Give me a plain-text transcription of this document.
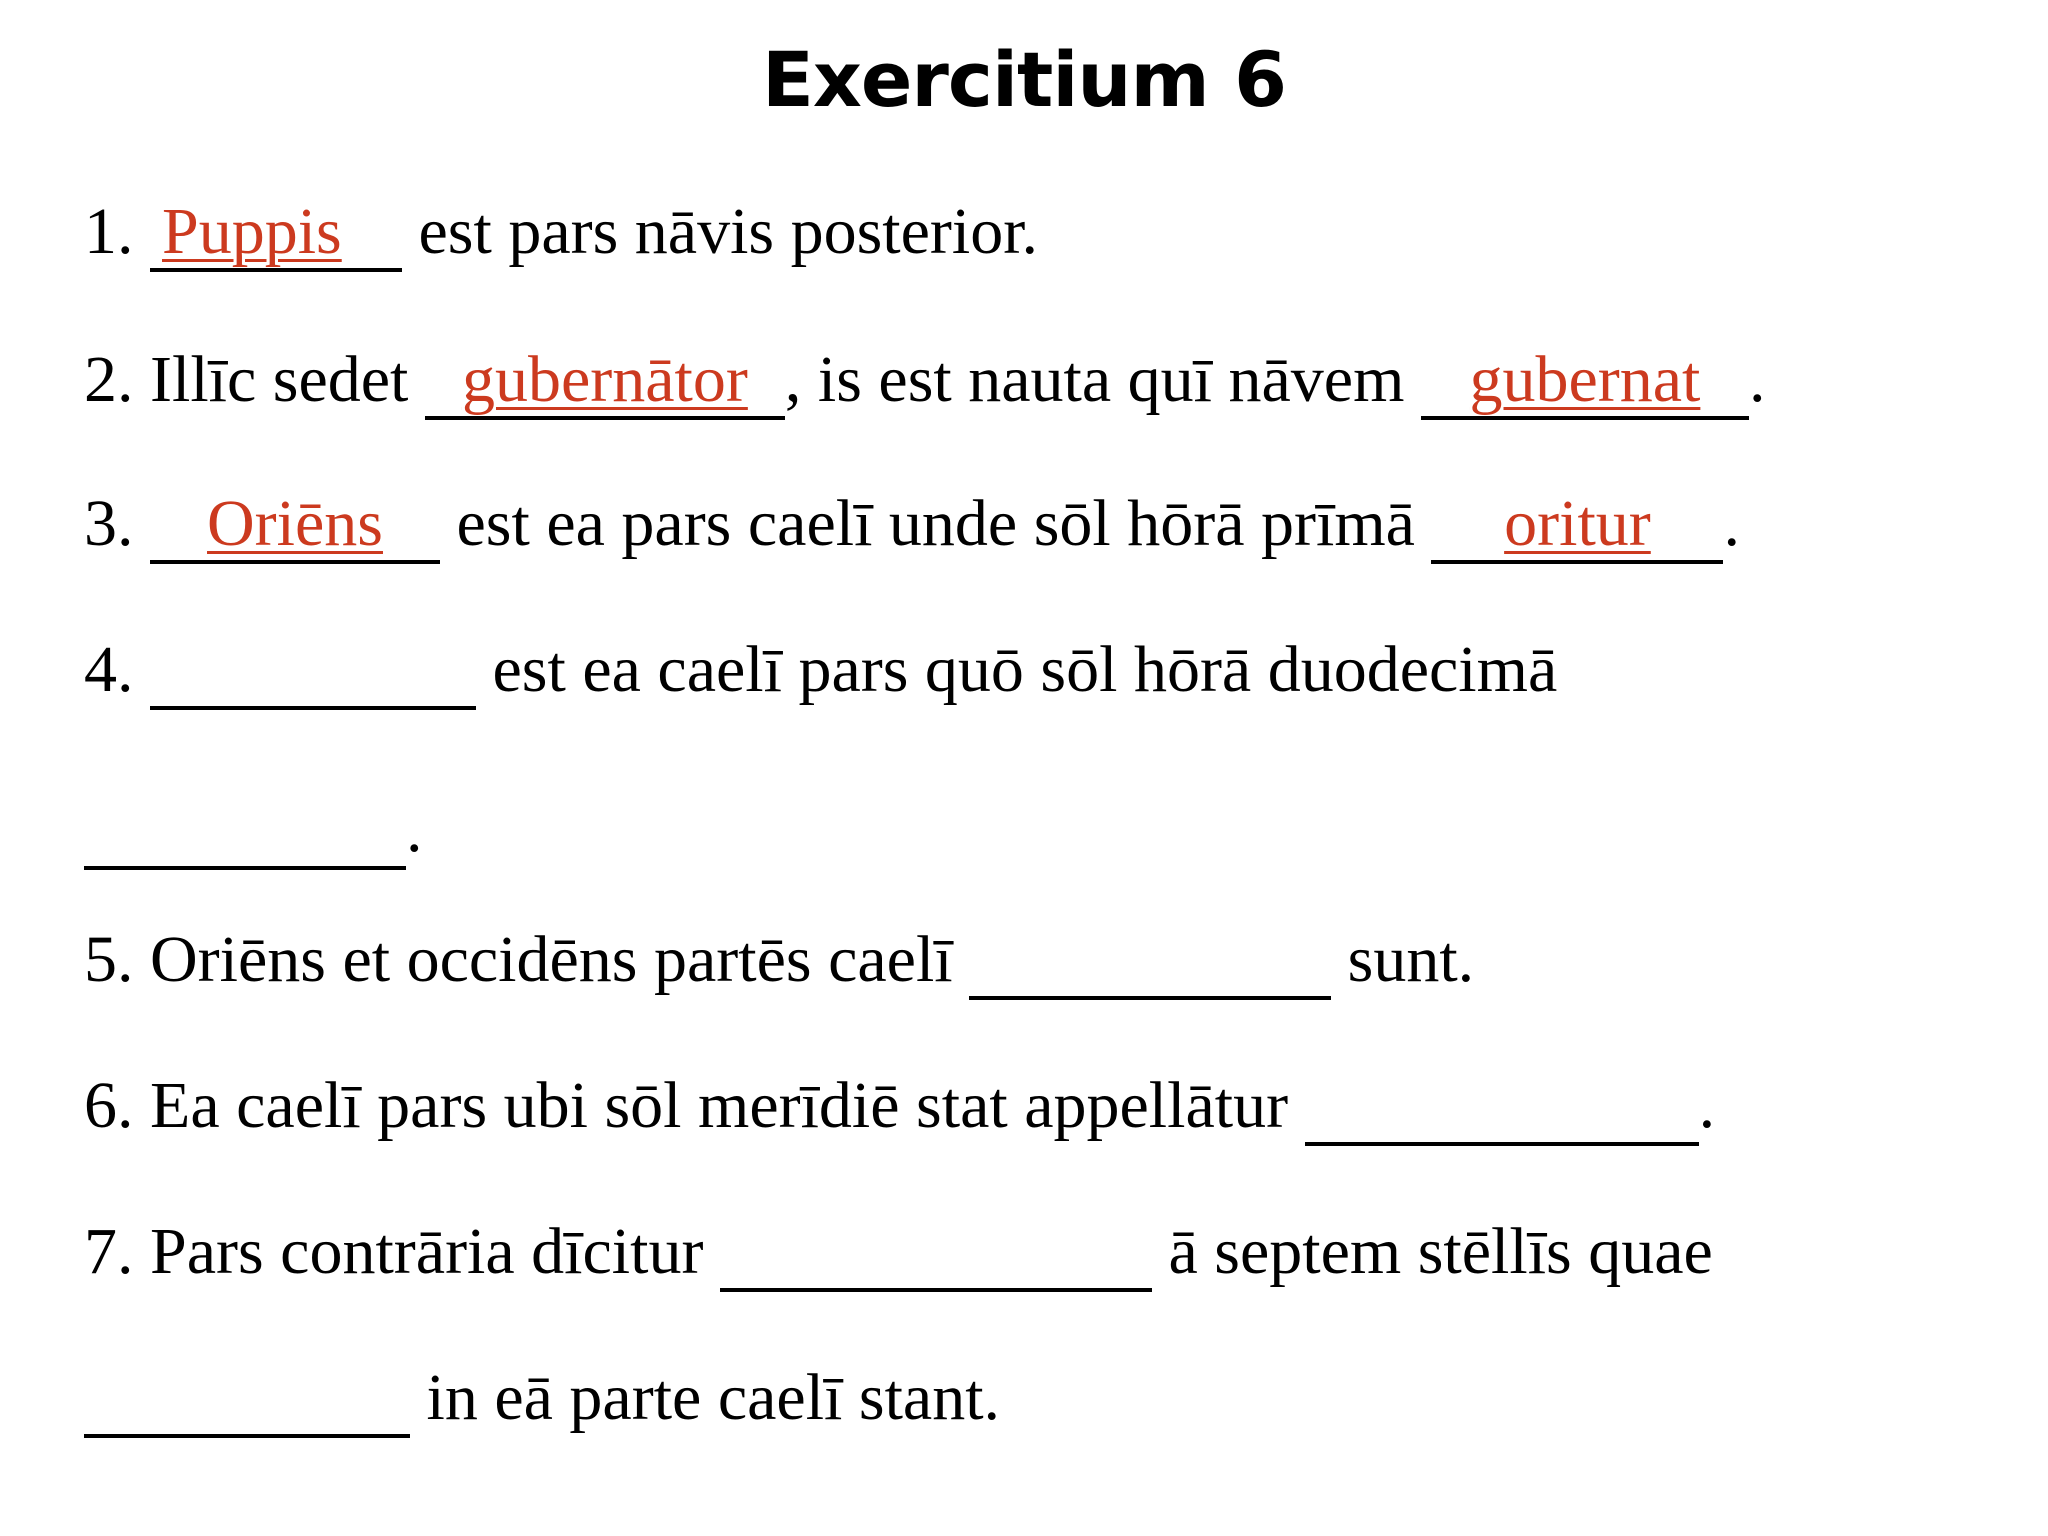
Exercitium 6
1. Puppis	est pars nāvis posterior.
2. Illīc sedet gubernātor , is est nauta quī nāvem gubernat .
3.	Oriēns	est ea pars caelī unde sōl hōrā prīmā	oritur	.
4.	est ea caelī pars quō sōl hōrā duodecimā
.
5. Oriēns et occidēns partēs caelī	sunt.
6. Ea caelī pars ubi sōl merīdiē stat appellātur	.
7. Pars contrāria dīcitur	ā septem stēllīs quae
in eā parte caelī stant.
